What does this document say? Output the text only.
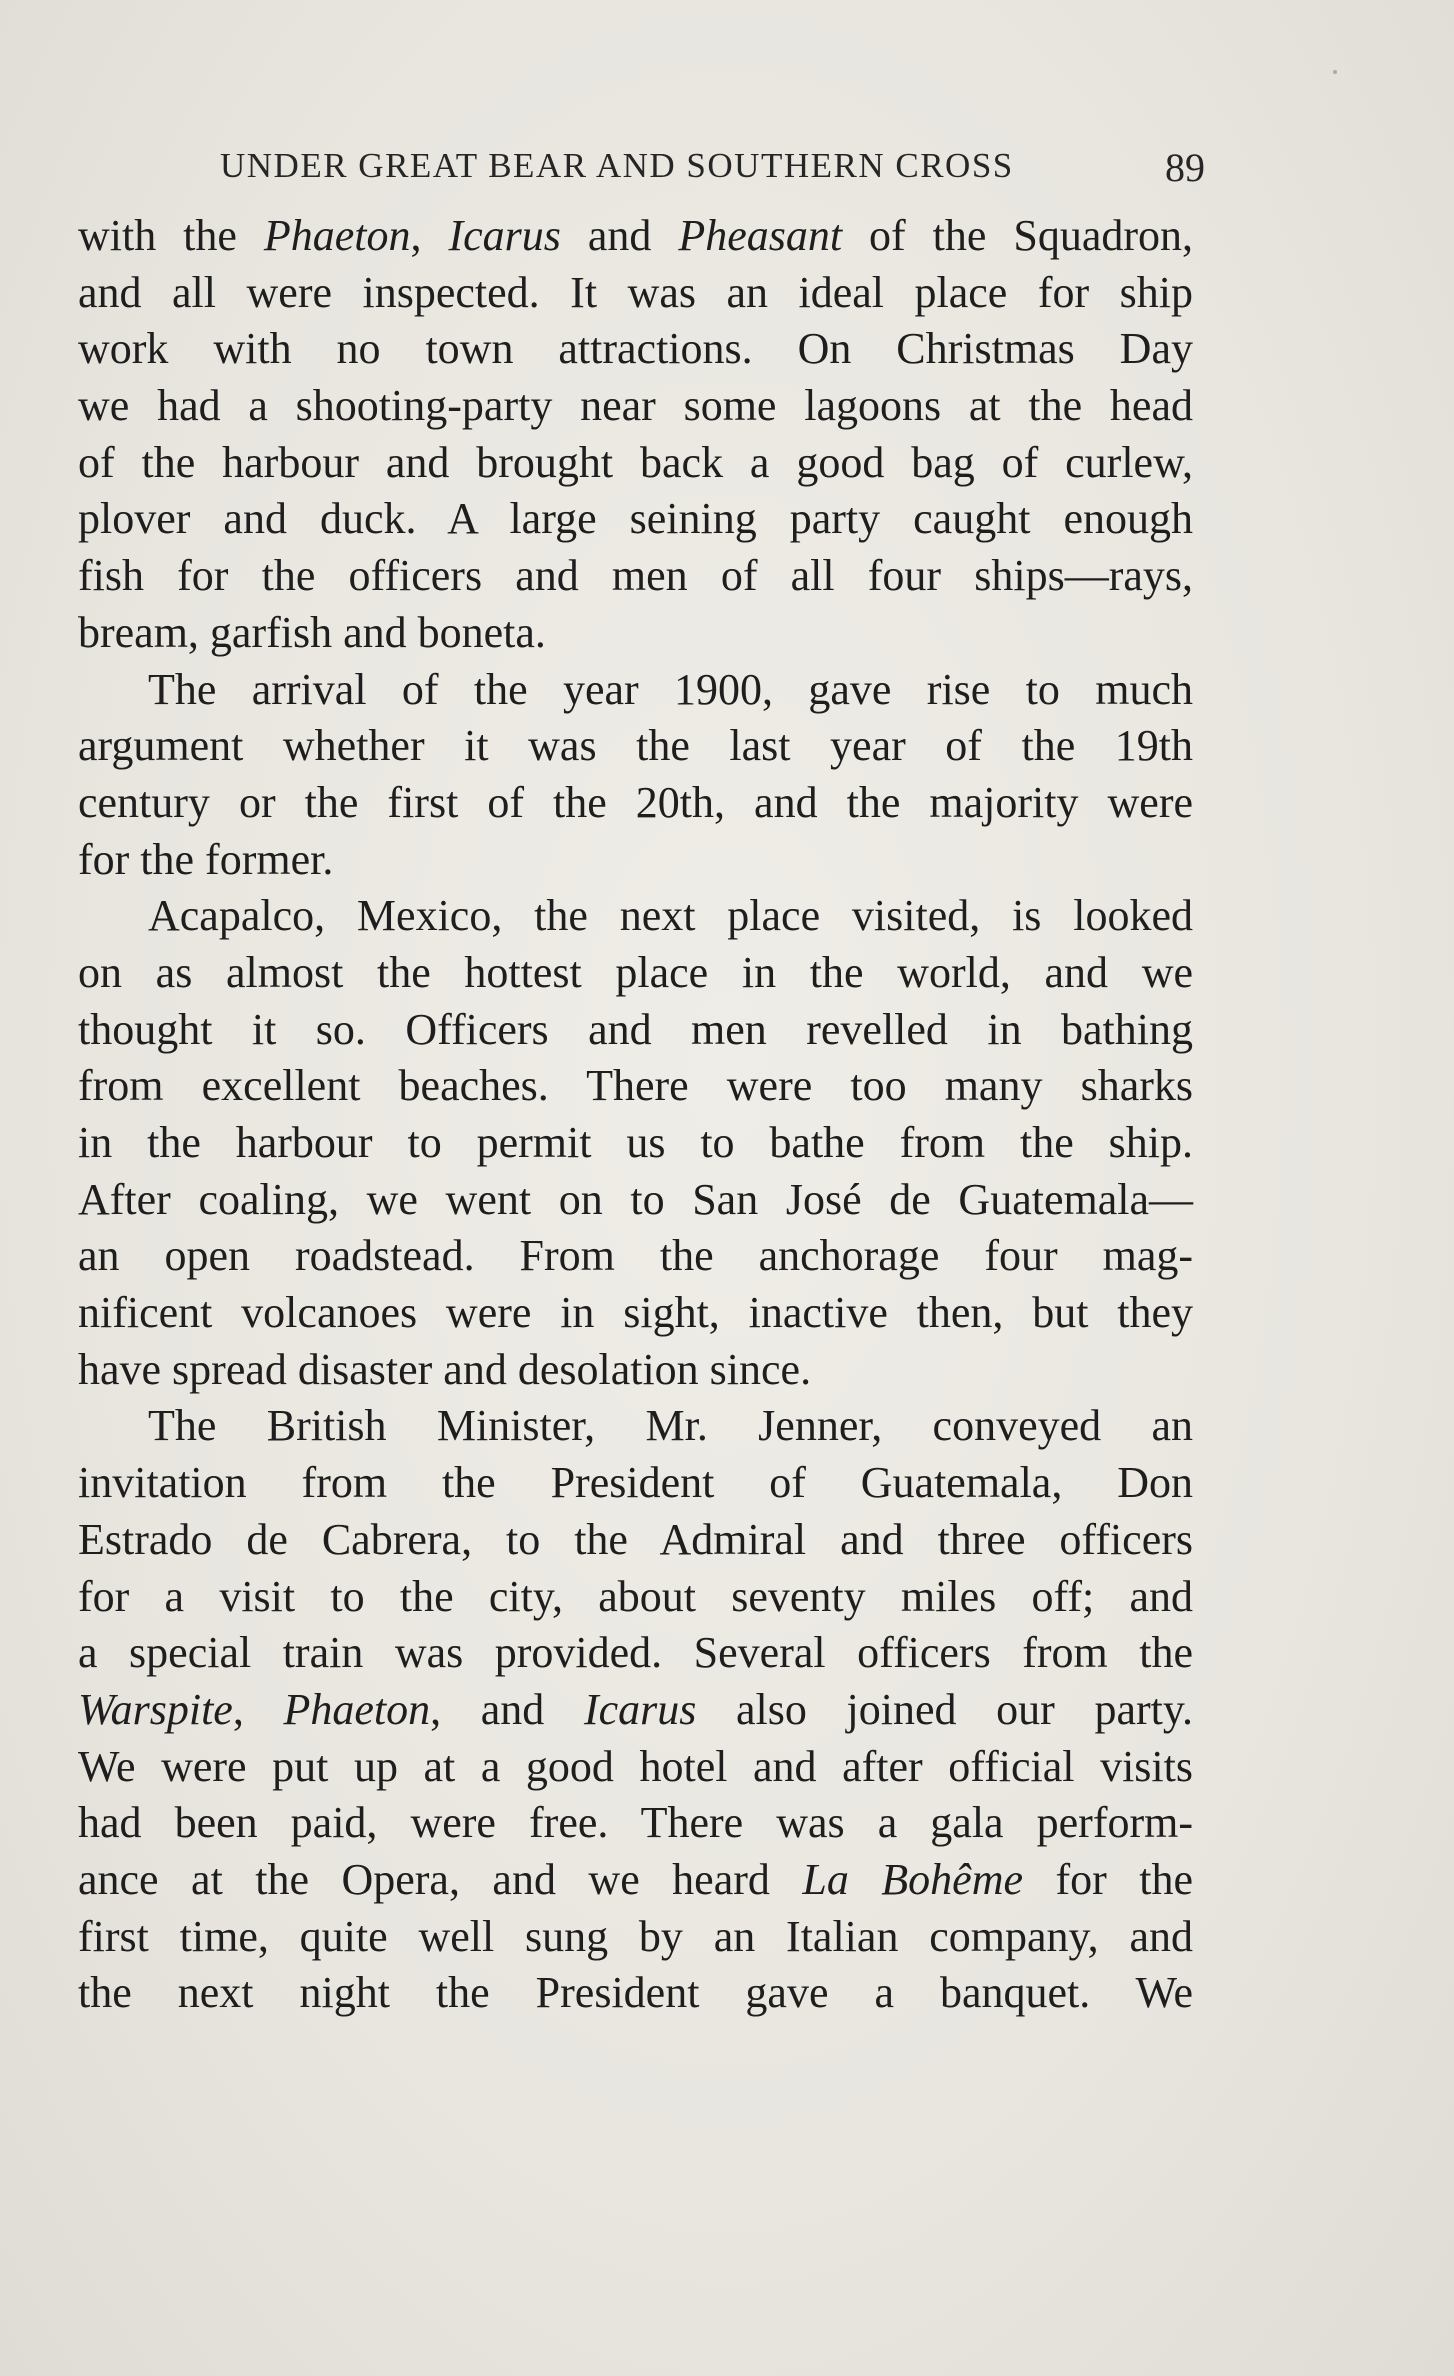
UNDER GREAT BEAR AND SOUTHERN CROSS	89
with the Phaeton, Icarus and Pheasant of the Squadron,
and all were inspected. It was an ideal place for ship
work with no town attractions. On Christmas Day
we had a shooting-party near some lagoons at the head
of the harbour and brought back a good bag of curlew,
plover and duck. A large seining party caught enough
fish for the officers and men of all four ships—rays,
bream, garfish and boneta.
The arrival of the year 1900, gave rise to much
argument whether it was the last year of the 19th
century or the first of the 20th, and the majority were
for the former.
Acapalco, Mexico, the next place visited, is looked
on as almost the hottest place in the world, and we
thought it so. Officers and men revelled in bathing
from excellent beaches. There were too many sharks
in the harbour to permit us to bathe from the ship.
After coaling, we went on to San José de Guatemala—
an open roadstead. From the anchorage four mag-
nificent volcanoes were in sight, inactive then, but they
have spread disaster and desolation since.
The British Minister, Mr. Jenner, conveyed an
invitation from the President of Guatemala, Don
Estrado de Cabrera, to the Admiral and three officers
for a visit to the city, about seventy miles off; and
a special train was provided. Several officers from the
Warspite, Phaeton, and Icarus also joined our party.
We were put up at a good hotel and after official visits
had been paid, were free. There was a gala perform-
ance at the Opera, and we heard La Bohême for the
first time, quite well sung by an Italian company, and
the next night the President gave a banquet. We
